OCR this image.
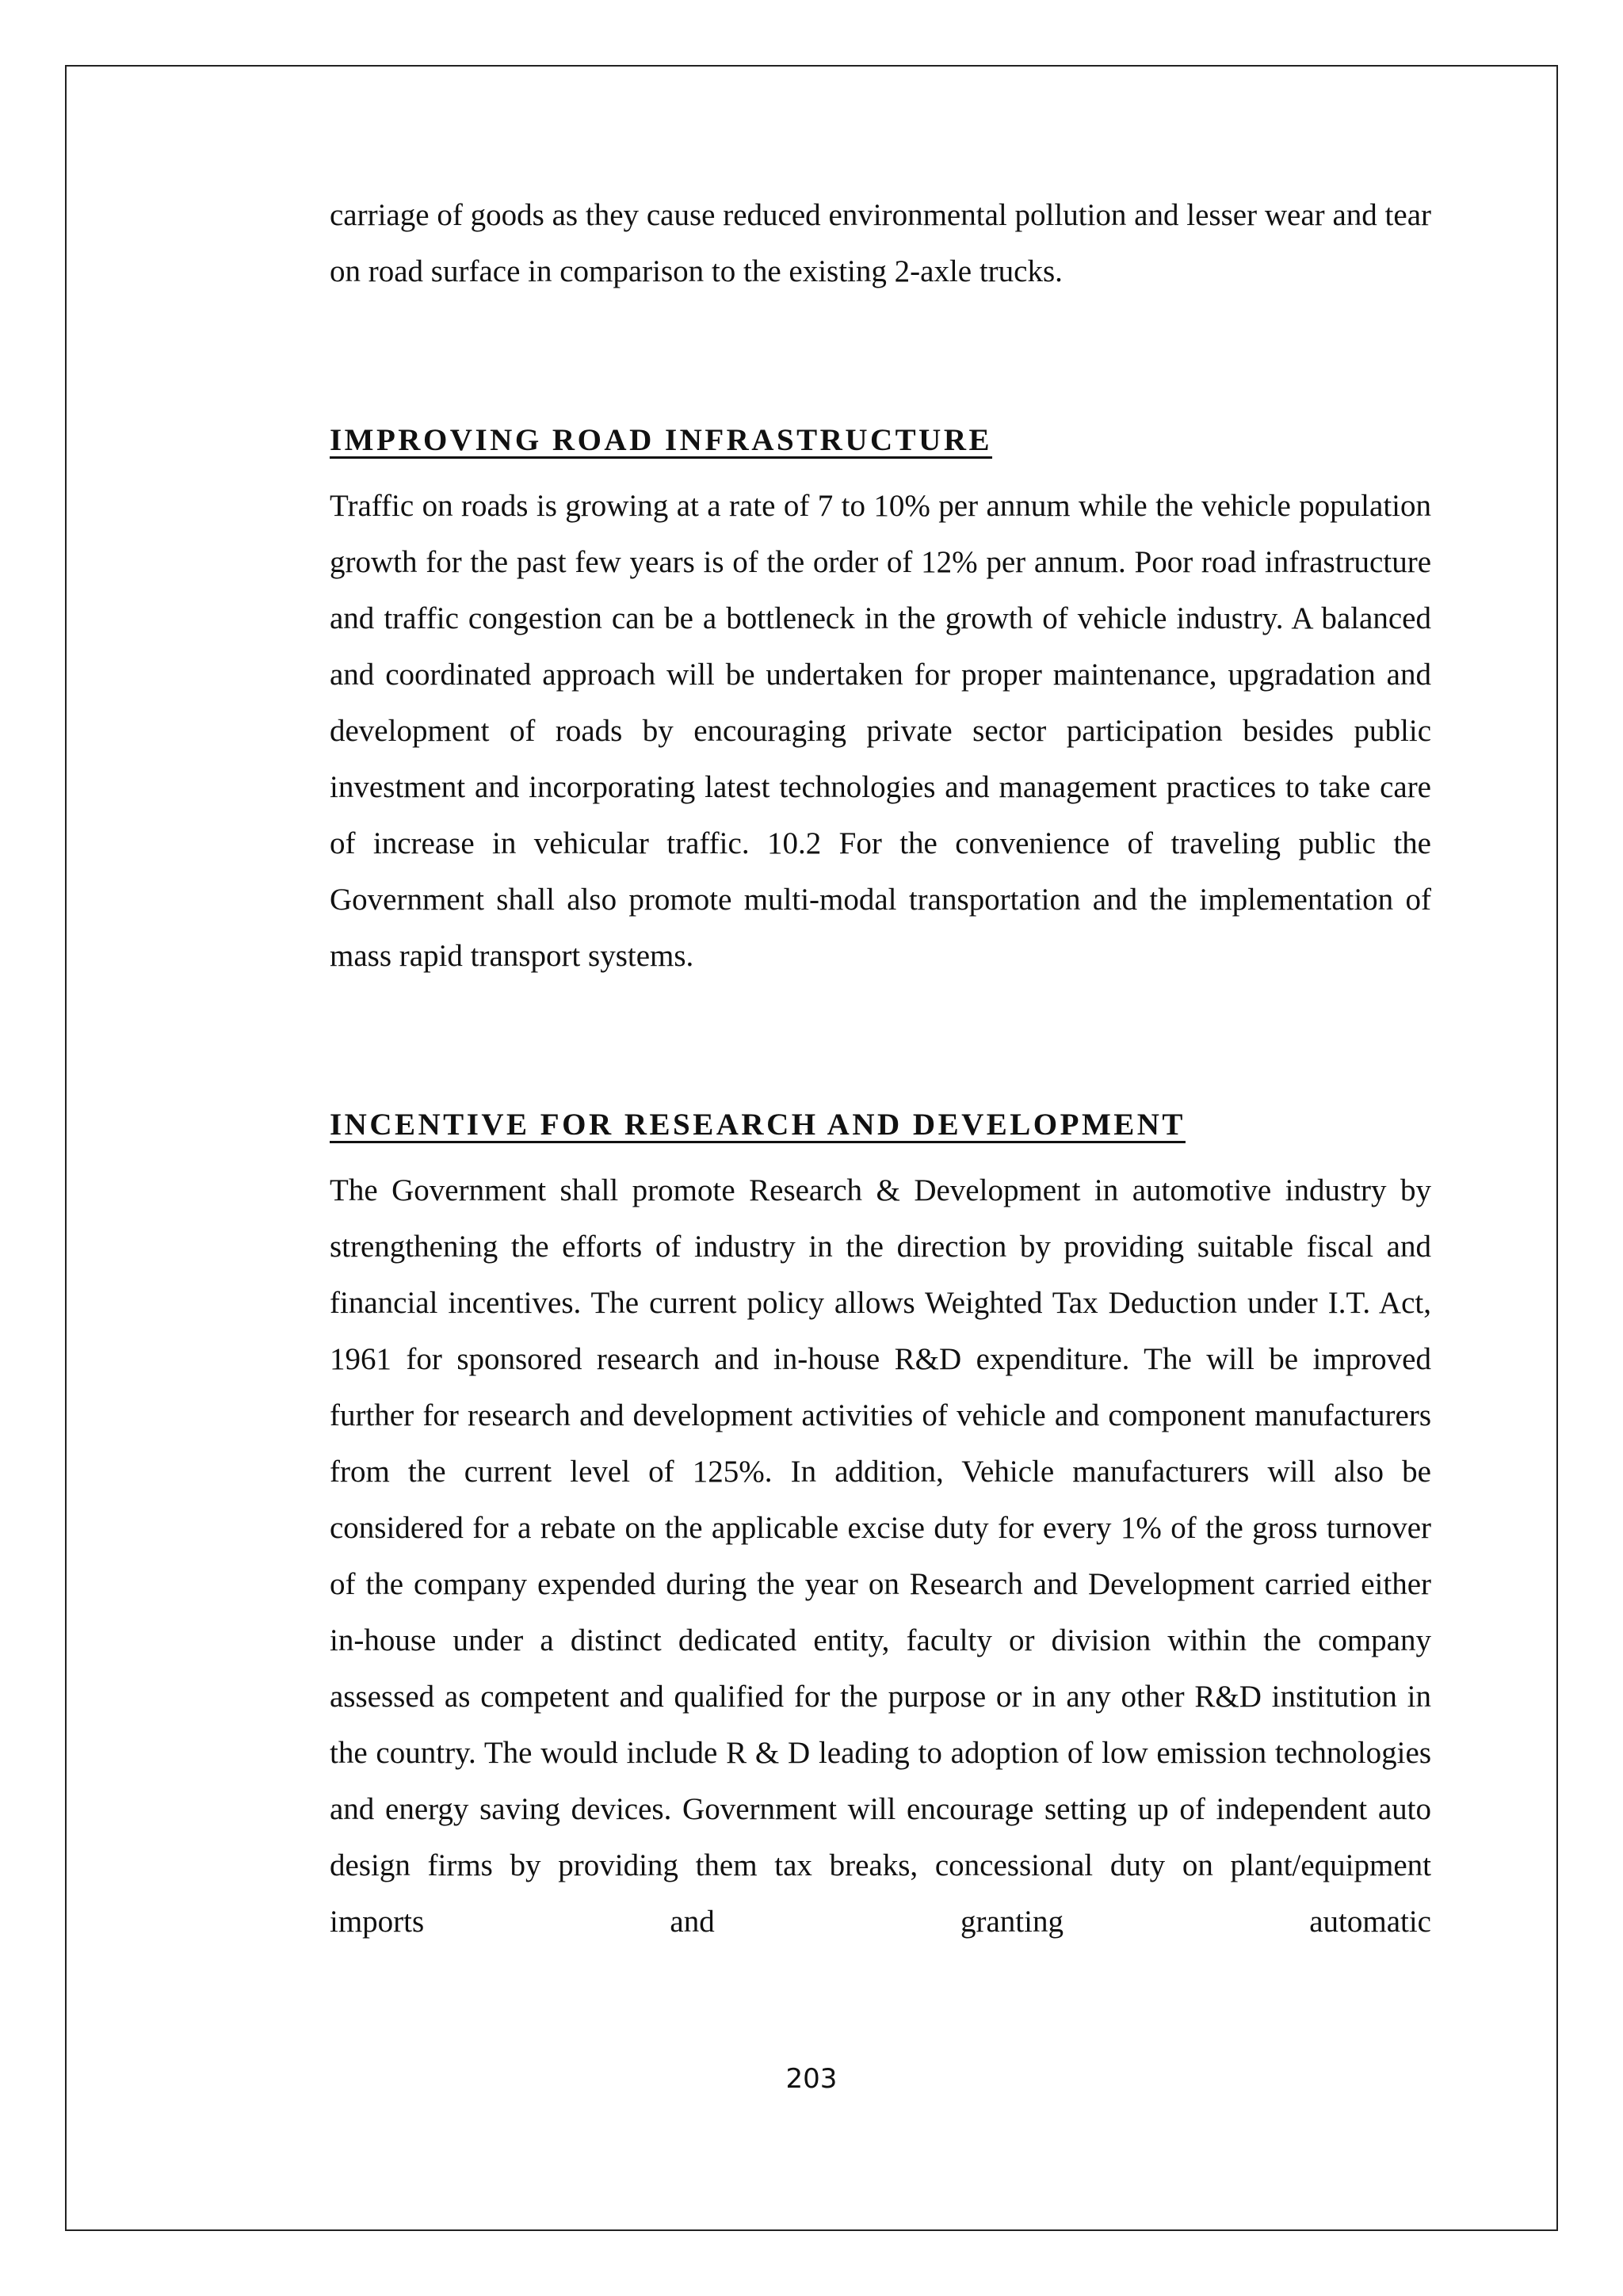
carriage of goods as they cause reduced environmental pollution and lesser wear and tear on road surface in comparison to the existing 2-axle trucks.

IMPROVING ROAD INFRASTRUCTURE

Traffic on roads is growing at a rate of 7 to 10% per annum while the vehicle population growth for the past few years is of the order of 12% per annum. Poor road infrastructure and traffic congestion can be a bottleneck in the growth of vehicle industry. A balanced and coordinated approach will be undertaken for proper maintenance, upgradation and development of roads by encouraging private sector participation besides public investment and incorporating latest technologies and management practices to take care of increase in vehicular traffic. 10.2 For the convenience of traveling public the Government shall also promote multi-modal transportation and the implementation of mass rapid transport systems.

INCENTIVE FOR RESEARCH AND DEVELOPMENT

The Government shall promote Research & Development in automotive industry by strengthening the efforts of industry in the direction by providing suitable fiscal and financial incentives. The current policy allows Weighted Tax Deduction under I.T. Act, 1961 for sponsored research and in-house R&D expenditure. The will be improved further for research and development activities of vehicle and component manufacturers from the current level of 125%. In addition, Vehicle manufacturers will also be considered for a rebate on the applicable excise duty for every 1% of the gross turnover of the company expended during the year on Research and Development carried either in-house under a distinct dedicated entity, faculty or division within the company assessed as competent and qualified for the purpose or in any other R&D institution in the country. The would include R & D leading to adoption of low emission technologies and energy saving devices. Government will encourage setting up of independent auto design firms by providing them tax breaks, concessional duty on plant/equipment imports and granting automatic

203
